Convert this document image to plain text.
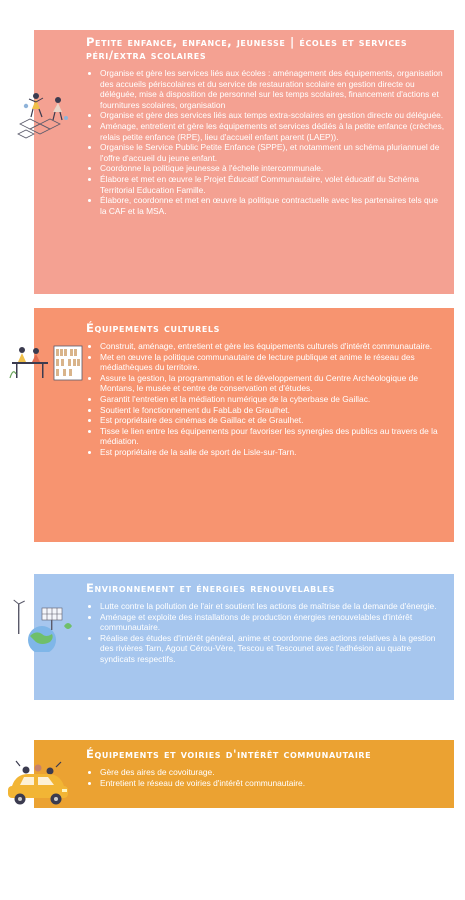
Petite enfance, enfance, jeunesse | écoles et services péri/extra scolaires
• Organise et gère les services liés aux écoles : aménagement des équipements, organisation des accueils périscolaires et du service de restauration scolaire en gestion directe ou déléguée, mise à disposition de personnel sur les temps scolaires, financement d'actions et fournitures scolaires, organisation
• Organise et gère des services liés aux temps extra-scolaires en gestion directe ou déléguée.
• Aménage, entretient et gère les équipements et services dédiés à la petite enfance (crèches, relais petite enfance (RPE), lieu d'accueil enfant parent (LAEP)).
• Organise le Service Public Petite Enfance (SPPE), et notamment un schéma pluriannuel de l'offre d'accueil du jeune enfant.
• Coordonne la politique jeunesse à l'échelle intercommunale.
• Élabore et met en œuvre le Projet Éducatif Communautaire, volet éducatif du Schéma Territorial Education Famille.
• Élabore, coordonne et met en œuvre la politique contractuelle avec les partenaires tels que la CAF et la MSA.
Équipements culturels
• Construit, aménage, entretient et gère les équipements culturels d'intérêt communautaire.
• Met en œuvre la politique communautaire de lecture publique et anime le réseau des médiathèques du territoire.
• Assure la gestion, la programmation et le développement du Centre Archéologique de Montans, le musée et centre de conservation et d'études.
• Garantit l'entretien et la médiation numérique de la cyberbase de Gaillac.
• Soutient le fonctionnement du FabLab de Graulhet.
• Est propriétaire des cinémas de Gaillac et de Graulhet.
• Tisse le lien entre les équipements pour favoriser les synergies des publics au travers de la médiation.
• Est propriétaire de la salle de sport de Lisle-sur-Tarn.
Environnement et énergies renouvelables
• Lutte contre la pollution de l'air et soutient les actions de maîtrise de la demande d'énergie.
• Aménage et exploite des installations de production énergies renouvelables d'intérêt communautaire.
• Réalise des études d'intérêt général, anime et coordonne des actions relatives à la gestion des rivières Tarn, Agout Cérou-Vère, Tescou et Tescounet avec l'adhésion au quatre syndicats respectifs.
Équipements et voiries d'intérêt communautaire
• Gère des aires de covoiturage.
• Entretient le réseau de voiries d'intérêt communautaire.
